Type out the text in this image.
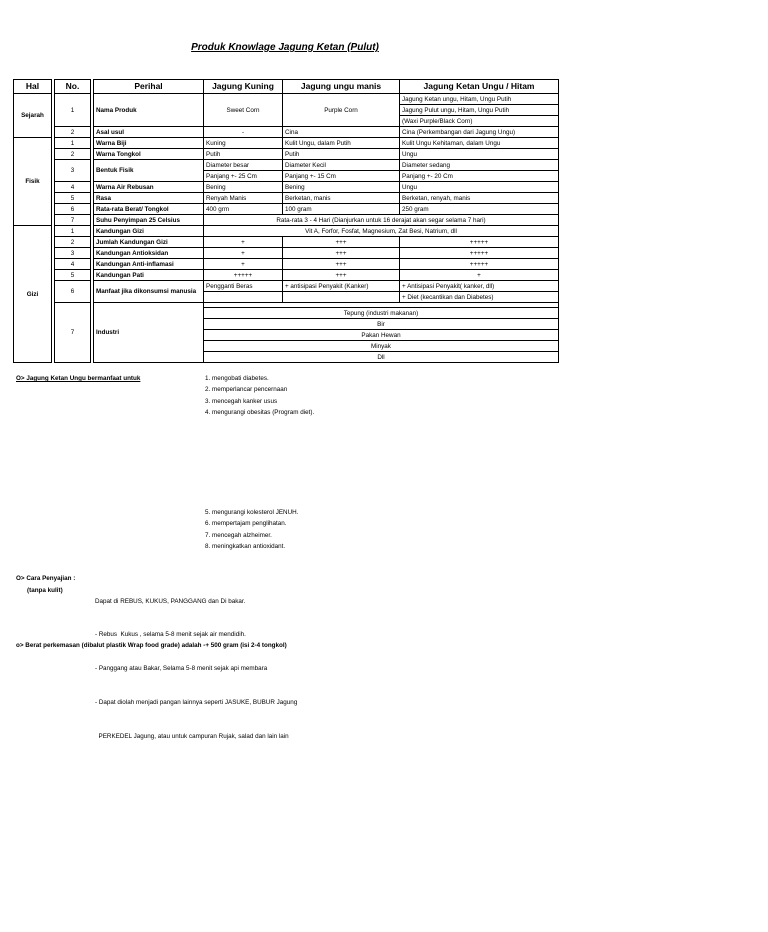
Produk Knowlage Jagung Ketan (Pulut)
Hal		No.		Perihal	Jagung Kuning	Jagung ungu manis	Jagung Ketan Ungu / Hitam
Sejarah		1		Nama Produk	Sweet Corn	Purple Corn	Jagung Ketan ungu, Hitam, Ungu Putih
							Jagung Pulut ungu, Hitam, Ungu Putih
							(Waxi Purple/Black Corn)
		2		Asal usul	-	Cina	Cina (Perkembangan dari Jagung Ungu)
Fisik		1		Warna Biji	Kuning	Kulit Ungu, dalam Putih	Kulit Ungu Kehitaman, dalam Ungu
		2		Warna Tongkol	Putih	Putih	Ungu
		3		Bentuk Fisik	Diameter besar	Diameter Kecil	Diameter sedang
					Panjang +- 25 Cm	Panjang +- 15 Cm	Panjang +- 20 Cm
		4		Warna Air Rebusan	Bening	Bening	Ungu
		5		Rasa	Renyah Manis	Berketan, manis	Berketan, renyah, manis
		6		Rata-rata Berat/ Tongkol	400 grm	100 gram	250 gram
		7		Suhu Penyimpan 25 Celsius	Rata-rata 3 - 4 Hari (Dianjurkan untuk 16 derajat akan segar selama 7 hari)		
Gizi		1		Kandungan Gizi	Vit A, Forfor, Fosfat, Magnesium, Zat Besi, Natrium, dll		
		2		Jumlah Kandungan Gizi	+	+++	+++++
		3		Kandungan Antioksidan	+	+++	+++++
		4		Kandungan Anti-inflamasi	+	+++	+++++
		5		Kandungan Pati	+++++	+++	+
		6		Manfaat jika dikonsumsi manusia	Pengganti Beras	+ antisipasi Penyakit (Kanker)	+ Antisipasi Penyakit( kanker, dll)
							+ Diet (kecantikan dan Diabetes)
		7		Industri			
					Tepung (industri makanan)		
					Bir		
					Pakan Hewan		
					Minyak		
					Dll		
O> Jagung Ketan Ungu bermanfaat untuk	1. mengobati diabetes.
2. memperlancar pencernaan
3. mencegah kanker usus
4. mengurangi obesitas (Program diet).
5. mengurangi kolesterol JENUH.
6. mempertajam penglihatan.
7. mencegah alzheimer.
8. meningkatkan antioxidant.
O> Cara Penyajian :
(tanpa kulit)

Dapat di REBUS, KUKUS, PANGGANG dan Di bakar.

- Rebus  Kukus , selama 5-8 menit sejak air mendidih.

- Panggang atau Bakar, Selama 5-8 menit sejak api membara

- Dapat diolah menjadi pangan lainnya seperti JASUKE, BUBUR Jagung

PERKEDEL Jagung, atau untuk campuran Rujak, salad dan lain lain

o> Berat perkemasan (dibalut plastik Wrap food grade) adalah -+ 500 gram (isi 2-4 tongkol)
